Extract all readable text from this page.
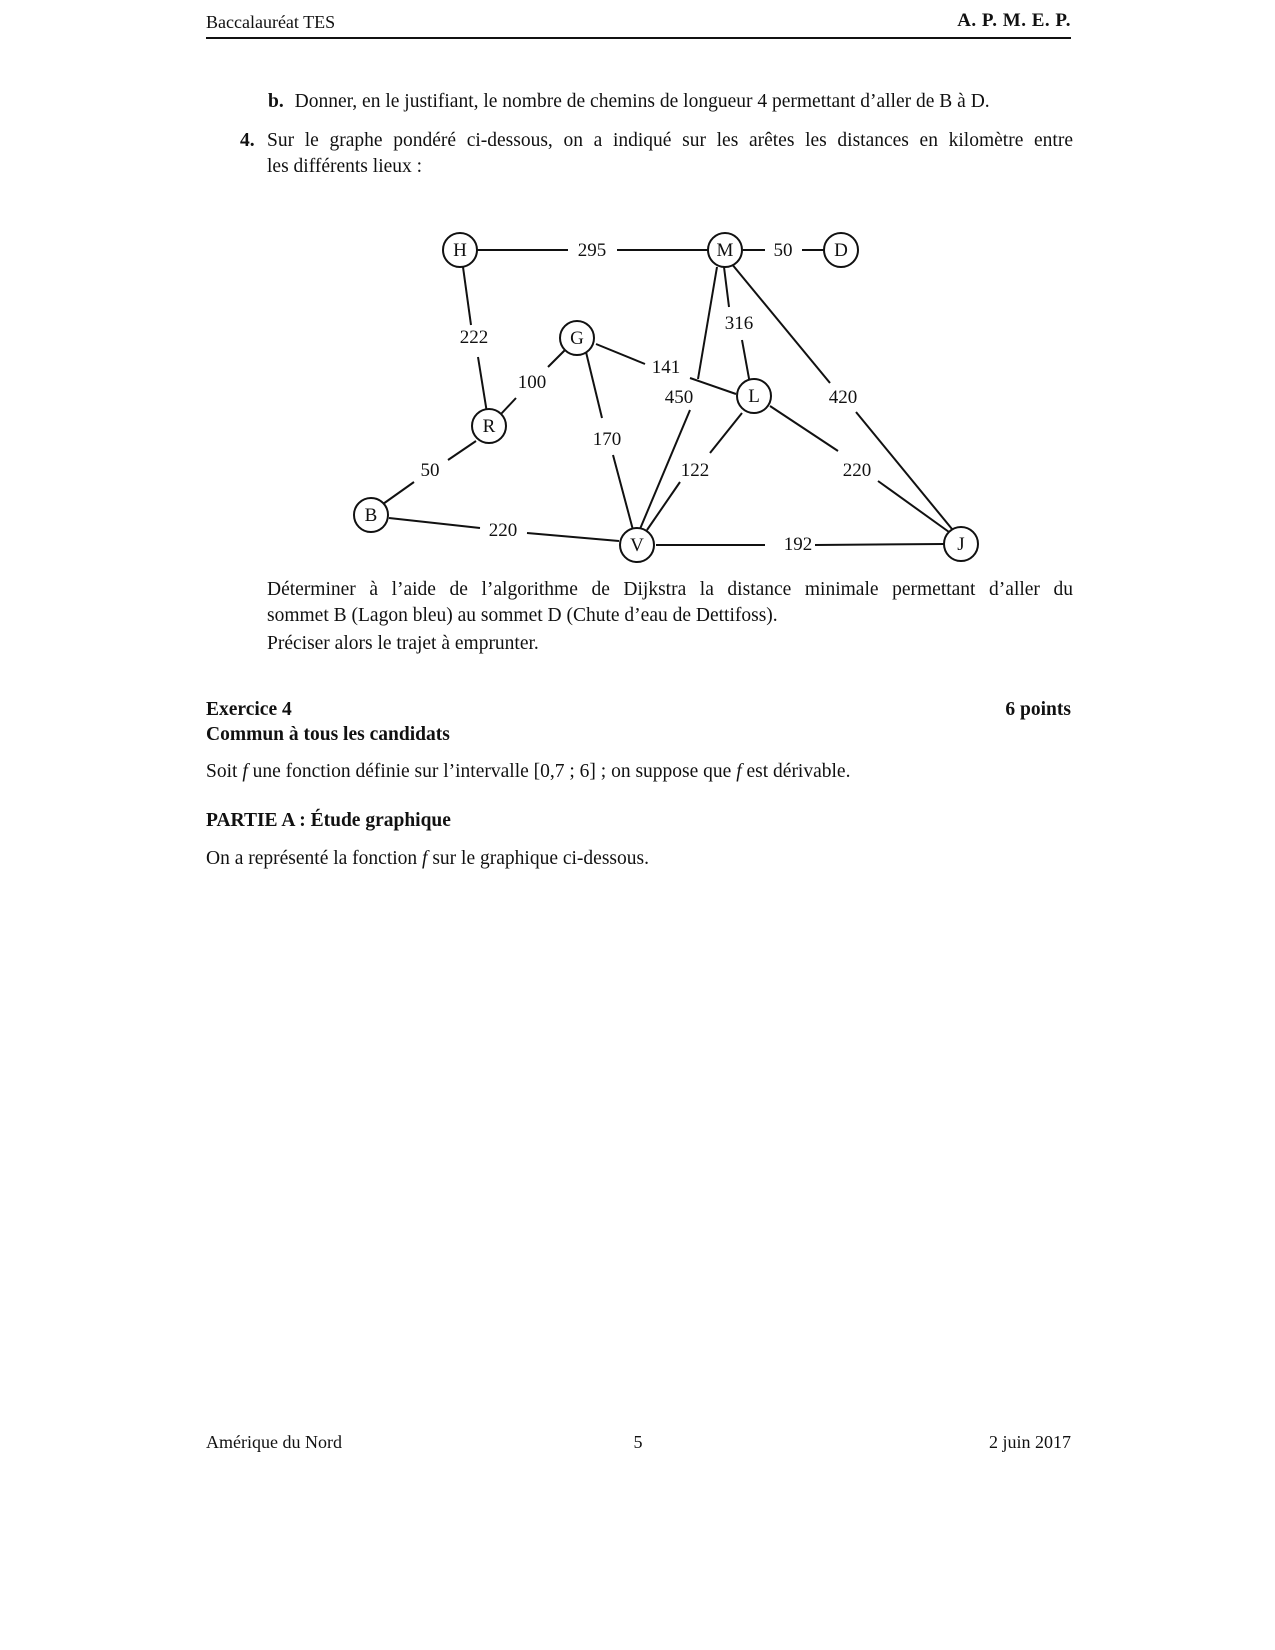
Baccalauréat TES	A. P. M. E. P.
b. Donner, en le justifiant, le nombre de chemins de longueur 4 permettant d’aller de B à D.
4. Sur le graphe pondéré ci-dessous, on a indiqué sur les arêtes les distances en kilomètre entre
les différents lieux :
295	50
222
100
141
316
450	420
170
50	122	220
220
192
H	M	D
G
L
R
B
V	J
Déterminer à l’aide de l’algorithme de Dijkstra la distance minimale permettant d’aller du
sommet B (Lagon bleu) au sommet D (Chute d’eau de Dettifoss).
Préciser alors le trajet à emprunter.
Exercice 4	6 points
Commun à tous les candidats
Soit f une fonction définie sur l’intervalle [0,7 ; 6] ; on suppose que f est dérivable.
PARTIE A : Étude graphique
On a représenté la fonction f sur le graphique ci-dessous.
Amérique du Nord	5	2 juin 2017
